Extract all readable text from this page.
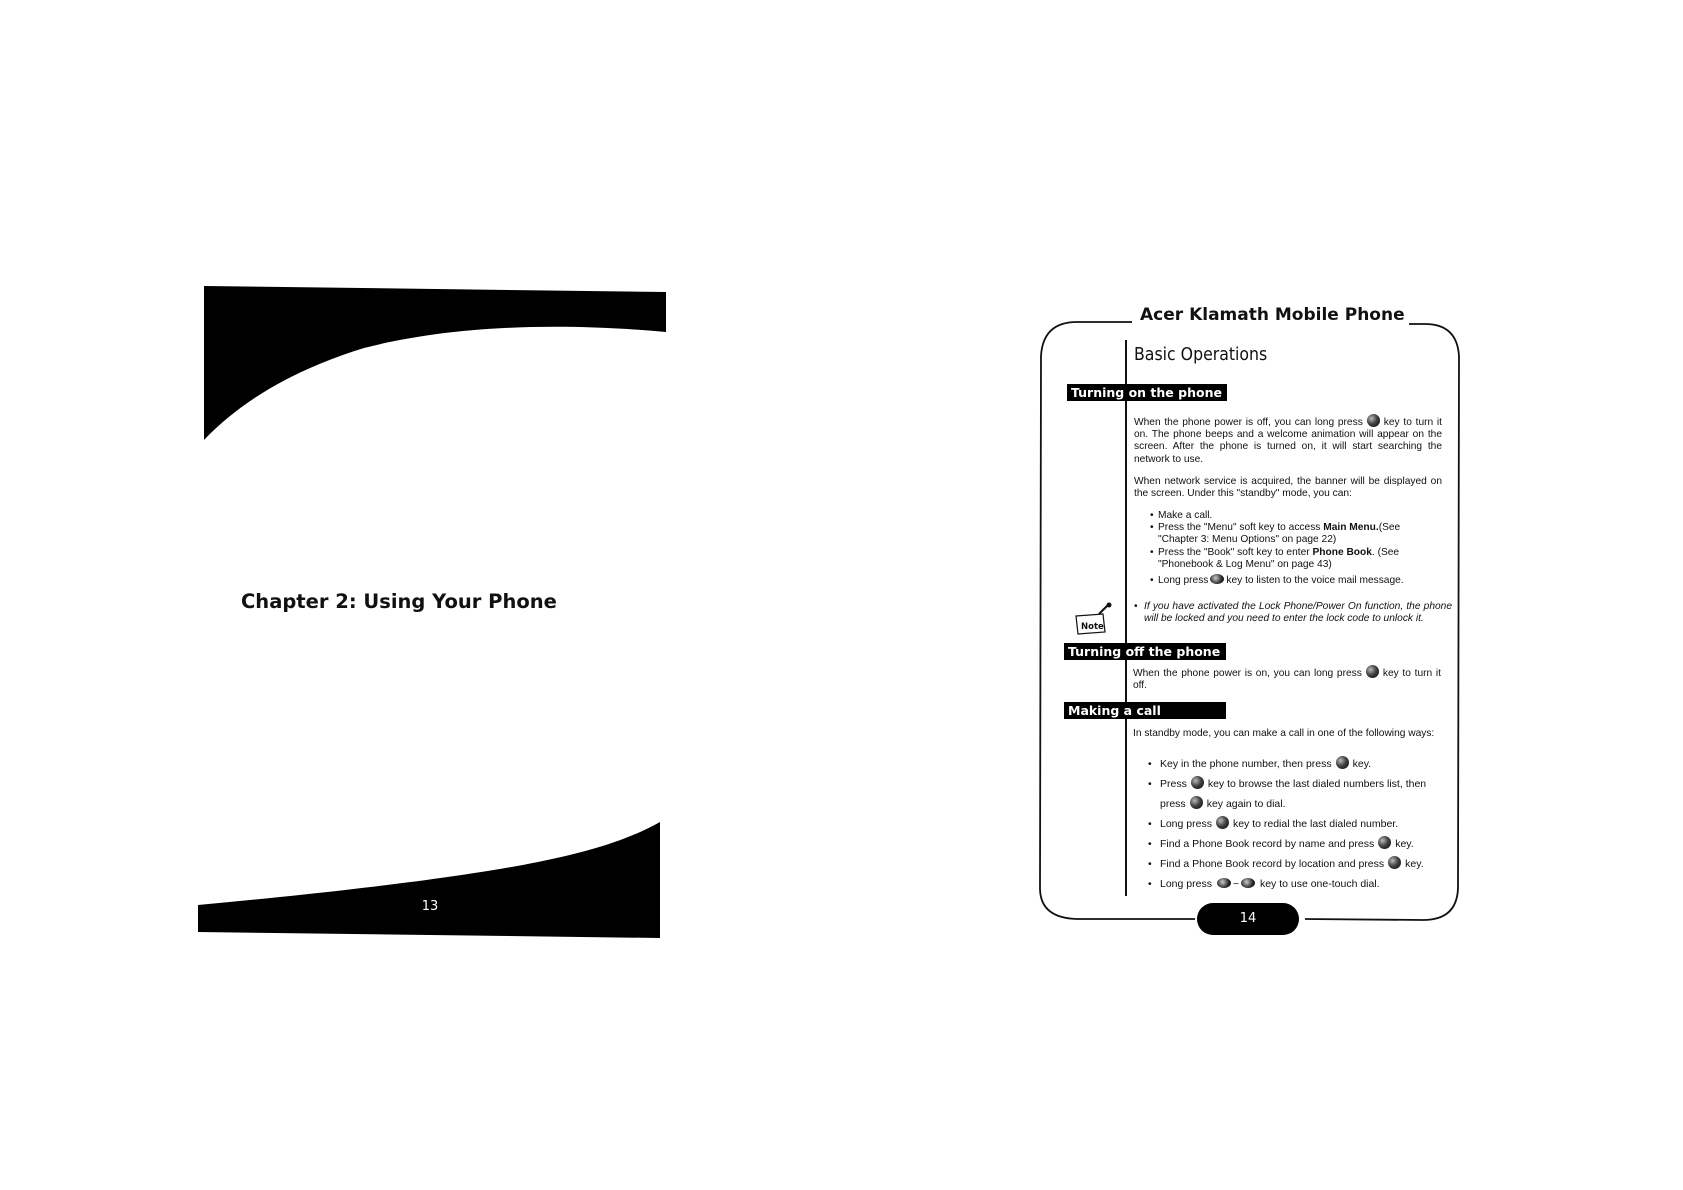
Chapter 2: Using Your Phone
13
Acer Klamath Mobile Phone
Basic Operations
Turning on the phone
When the phone power is off, you can long press key to turn it on. The phone beeps and a welcome animation will appear on the screen. After the phone is turned on, it will start searching the network to use.
When network service is acquired, the banner will be displayed on the screen. Under this "standby" mode, you can:
• Make a call.
• Press the "Menu" soft key to access Main Menu.(See "Chapter 3: Menu Options" on page 22)
• Press the "Book" soft key to enter Phone Book. (See "Phonebook & Log Menu" on page 43)
• Long press key to listen to the voice mail message.
Note
• If you have activated the Lock Phone/Power On function, the phone will be locked and you need to enter the lock code to unlock it.
Turning off the phone
When the phone power is on, you can long press key to turn it off.
Making a call
In standby mode, you can make a call in one of the following ways:
• Key in the phone number, then press key.
• Press key to browse the last dialed numbers list, then press key again to dial.
• Long press key to redial the last dialed number.
• Find a Phone Book record by name and press key.
• Find a Phone Book record by location and press key.
• Long press ~ key to use one-touch dial.
14
